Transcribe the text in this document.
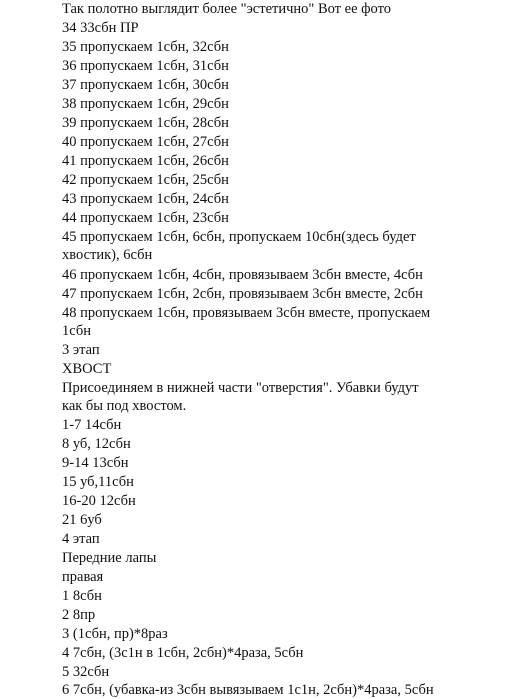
Так полотно выглядит более "эстетично" Вот ее фото
34 33сбн ПР
35 пропускаем 1сбн, 32сбн
36 пропускаем 1сбн, 31сбн
37 пропускаем 1сбн, 30сбн
38 пропускаем 1сбн, 29сбн
39 пропускаем 1сбн, 28сбн
40 пропускаем 1сбн, 27сбн
41 пропускаем 1сбн, 26сбн
42 пропускаем 1сбн, 25сбн
43 пропускаем 1сбн, 24сбн
44 пропускаем 1сбн, 23сбн
45 пропускаем 1сбн, 6сбн, пропускаем 10сбн(здесь будет
хвостик), 6сбн
46 пропускаем 1сбн, 4сбн, провязываем 3сбн вместе, 4сбн
47 пропускаем 1сбн, 2сбн, провязываем 3сбн вместе, 2сбн
48 пропускаем 1сбн, провязываем 3сбн вместе, пропускаем
1сбн
3 этап
ХВОСТ
Присоединяем в нижней части "отверстия". Убавки будут
как бы под хвостом.
1-7 14сбн
8 уб, 12сбн
9-14 13сбн
15 уб,11сбн
16-20 12сбн
21 6уб
4 этап
Передние лапы
правая
1 8сбн
2 8пр
3 (1сбн, пр)*8раз
4 7сбн, (3с1н в 1сбн, 2сбн)*4раза, 5сбн
5 32сбн
6 7сбн, (убавка-из 3сбн вывязываем 1с1н, 2сбн)*4раза, 5сбн
